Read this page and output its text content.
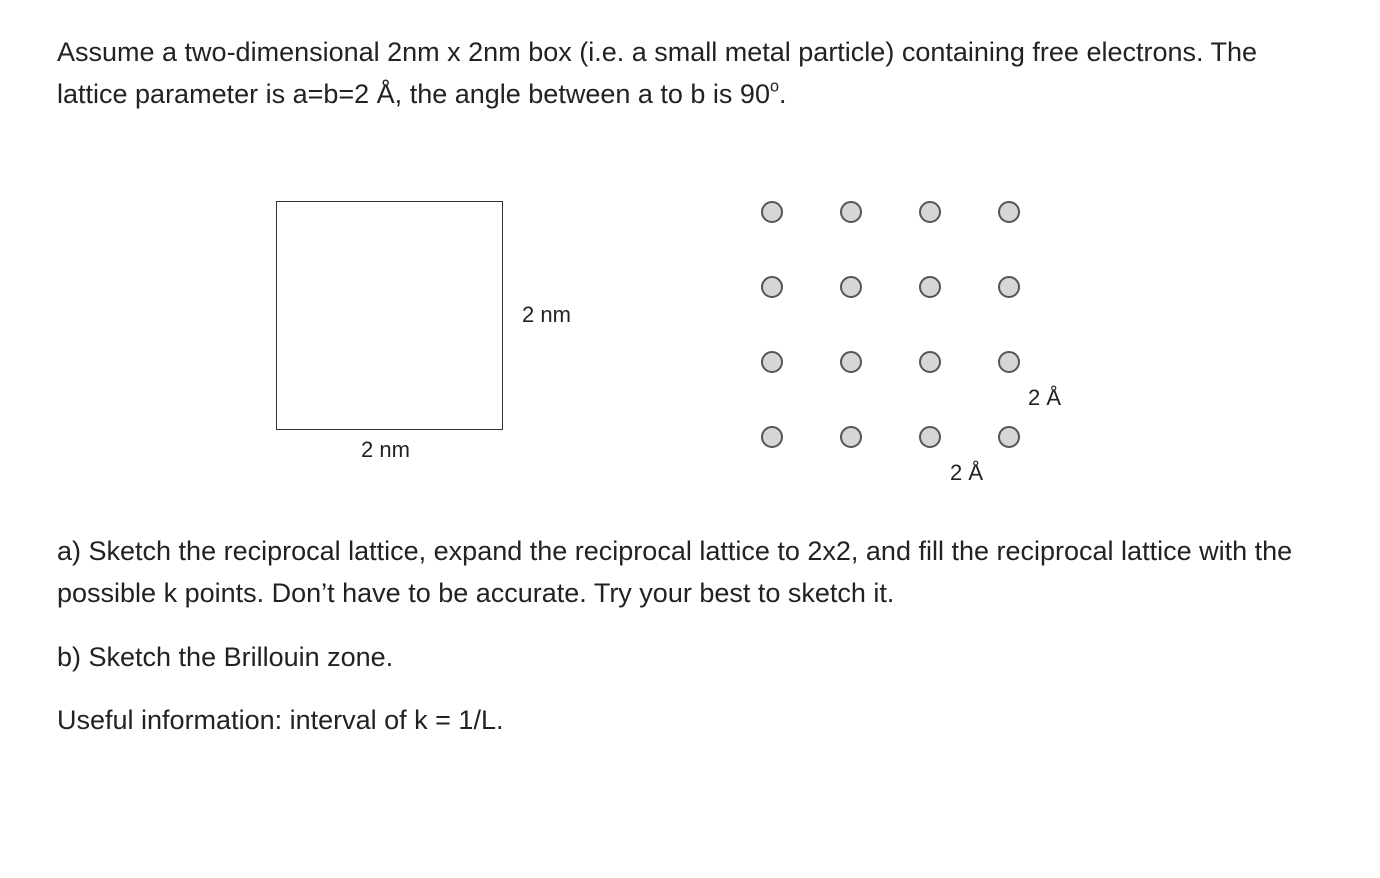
Assume a two-dimensional 2nm x 2nm box (i.e. a small metal particle) containing free electrons. The lattice parameter is a=b=2 Å, the angle between a to b is 90$^o$.

2 nm

2 nm

2 Å

2 Å

a) Sketch the reciprocal lattice, expand the reciprocal lattice to 2x2, and fill the reciprocal lattice with the possible k points. Don’t have to be accurate. Try your best to sketch it.

b) Sketch the Brillouin zone.

Useful information: interval of k = 1/L.
